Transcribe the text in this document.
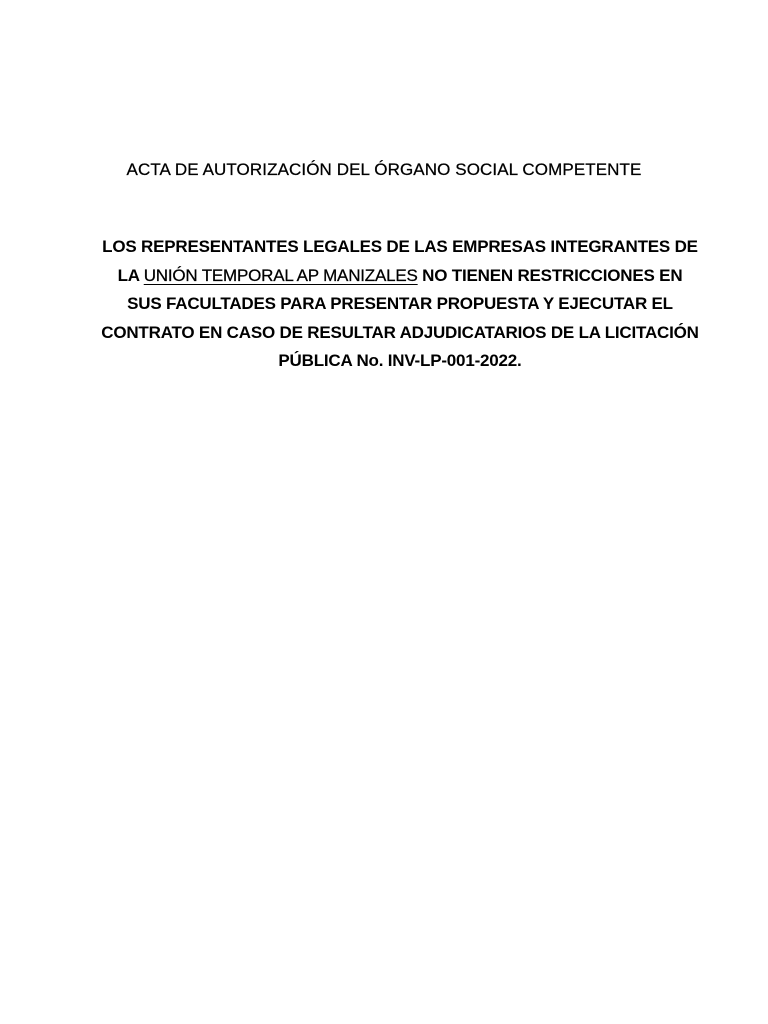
ACTA DE AUTORIZACIÓN DEL ÓRGANO SOCIAL COMPETENTE

LOS REPRESENTANTES LEGALES DE LAS EMPRESAS INTEGRANTES DE LA UNIÓN TEMPORAL AP MANIZALES NO TIENEN RESTRICCIONES EN SUS FACULTADES PARA PRESENTAR PROPUESTA Y EJECUTAR EL CONTRATO EN CASO DE RESULTAR ADJUDICATARIOS DE LA LICITACIÓN PÚBLICA No. INV-LP-001-2022.
